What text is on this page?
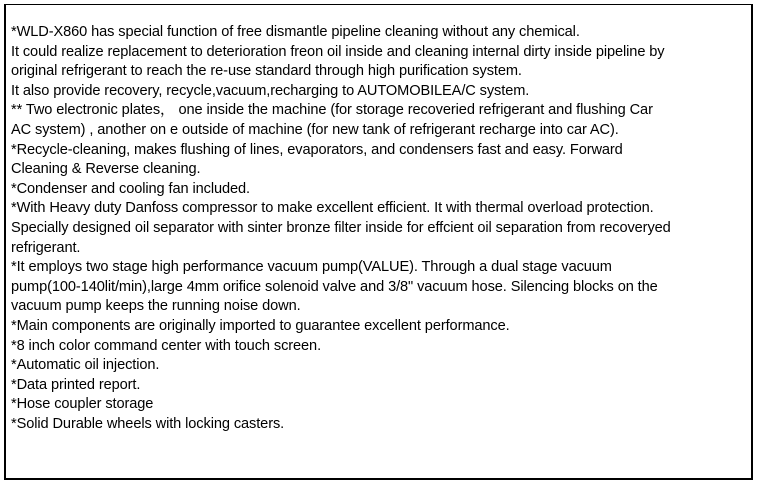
*WLD-X860 has special function of free dismantle pipeline cleaning without any chemical.
It could realize replacement to deterioration freon oil inside and cleaning internal dirty inside pipeline by
original refrigerant to reach the re-use standard through high purification system.
It also provide recovery, recycle,vacuum,recharging to AUTOMOBILEA/C system.
** Two electronic plates， one inside the machine (for storage recoveried refrigerant and flushing Car
AC system) , another on e outside of machine (for new tank of refrigerant recharge into car AC).
*Recycle-cleaning, makes flushing of lines, evaporators, and condensers fast and easy. Forward
Cleaning & Reverse cleaning.
*Condenser and cooling fan included.
*With Heavy duty Danfoss compressor to make excellent efficient. It with thermal overload protection.
Specially designed oil separator with sinter bronze filter inside for effcient oil separation from recoveryed
refrigerant.
*It employs two stage high performance vacuum pump(VALUE). Through a dual stage vacuum
pump(100-140lit/min),large 4mm orifice solenoid valve and 3/8" vacuum hose. Silencing blocks on the
vacuum pump keeps the running noise down.
*Main components are originally imported to guarantee excellent performance.
*8 inch color command center with touch screen.
*Automatic oil injection.
*Data printed report.
*Hose coupler storage
*Solid Durable wheels with locking casters.
